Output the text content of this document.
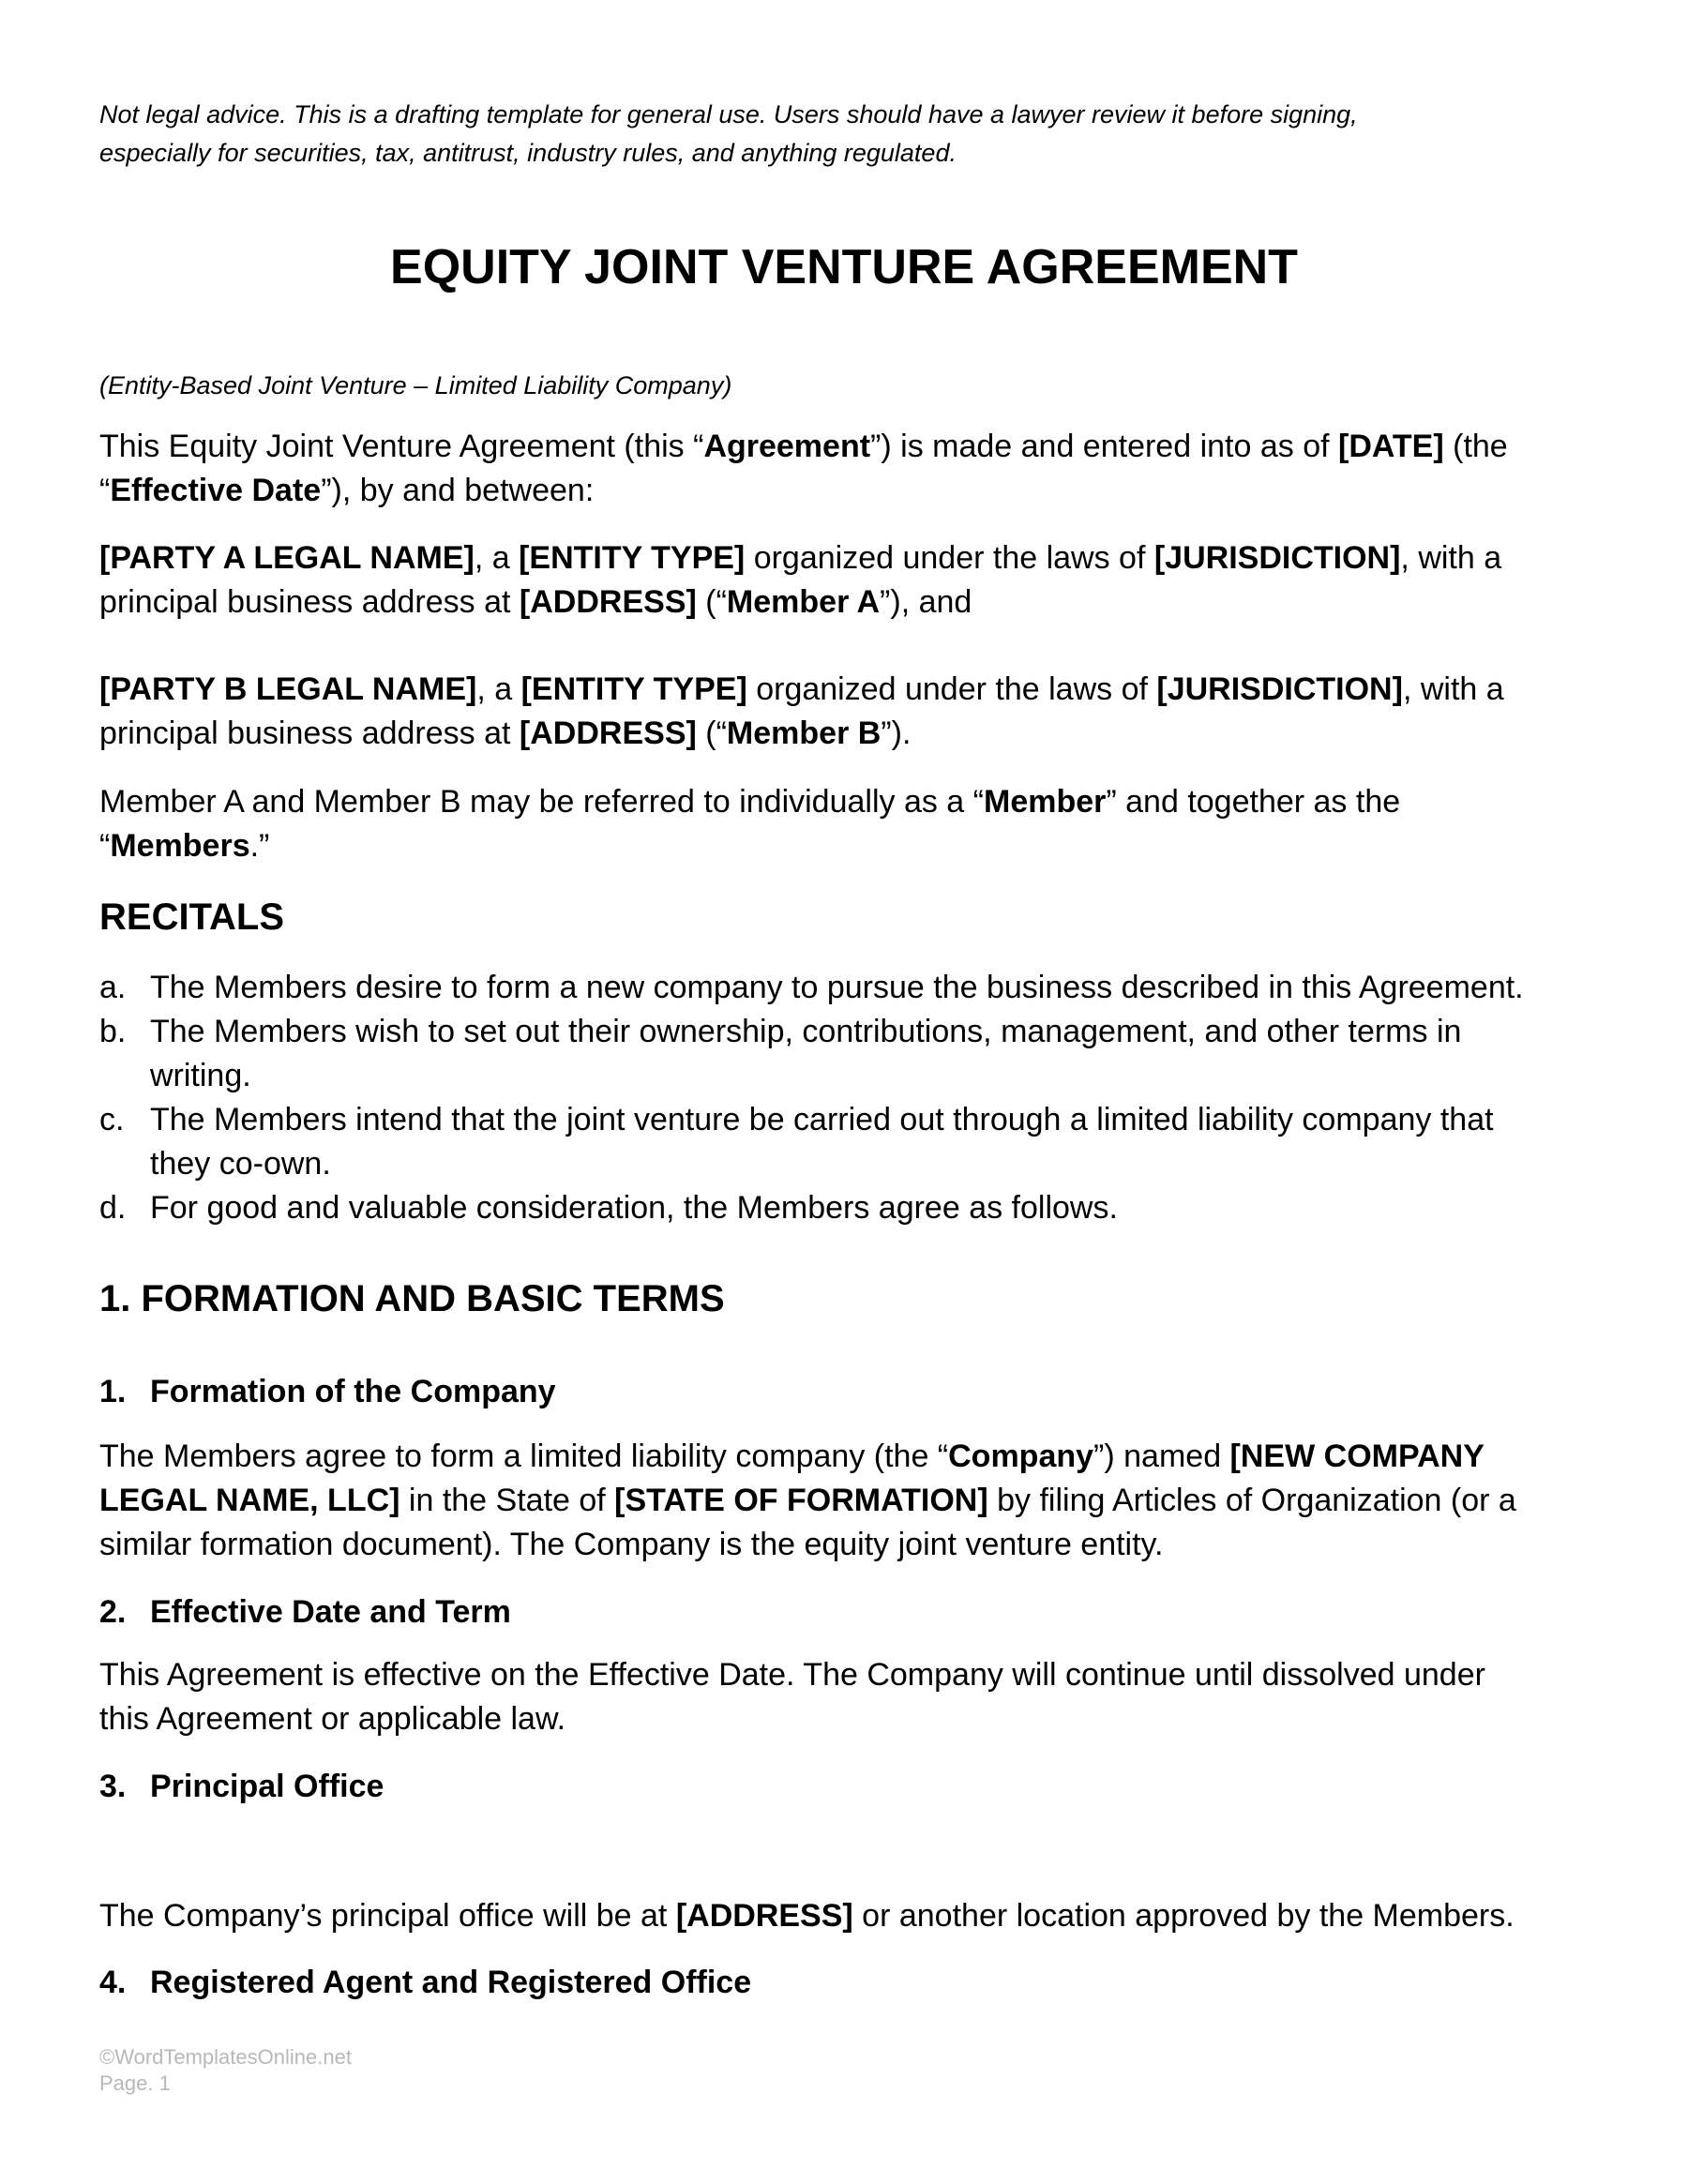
Not legal advice. This is a drafting template for general use. Users should have a lawyer review it before signing,
especially for securities, tax, antitrust, industry rules, and anything regulated.
EQUITY JOINT VENTURE AGREEMENT
(Entity-Based Joint Venture – Limited Liability Company)
This Equity Joint Venture Agreement (this “Agreement”) is made and entered into as of [DATE] (the
“Effective Date”), by and between:
[PARTY A LEGAL NAME], a [ENTITY TYPE] organized under the laws of [JURISDICTION], with a
principal business address at [ADDRESS] (“Member A”), and
[PARTY B LEGAL NAME], a [ENTITY TYPE] organized under the laws of [JURISDICTION], with a
principal business address at [ADDRESS] (“Member B”).
Member A and Member B may be referred to individually as a “Member” and together as the
“Members.”
RECITALS
a. The Members desire to form a new company to pursue the business described in this Agreement.
b. The Members wish to set out their ownership, contributions, management, and other terms in
writing.
c. The Members intend that the joint venture be carried out through a limited liability company that
they co-own.
d. For good and valuable consideration, the Members agree as follows.
1. FORMATION AND BASIC TERMS
1. Formation of the Company
The Members agree to form a limited liability company (the “Company”) named [NEW COMPANY
LEGAL NAME, LLC] in the State of [STATE OF FORMATION] by filing Articles of Organization (or a
similar formation document). The Company is the equity joint venture entity.
2. Effective Date and Term
This Agreement is effective on the Effective Date. The Company will continue until dissolved under
this Agreement or applicable law.
3. Principal Office
The Company’s principal office will be at [ADDRESS] or another location approved by the Members.
4. Registered Agent and Registered Office
©WordTemplatesOnline.net
Page. 1
